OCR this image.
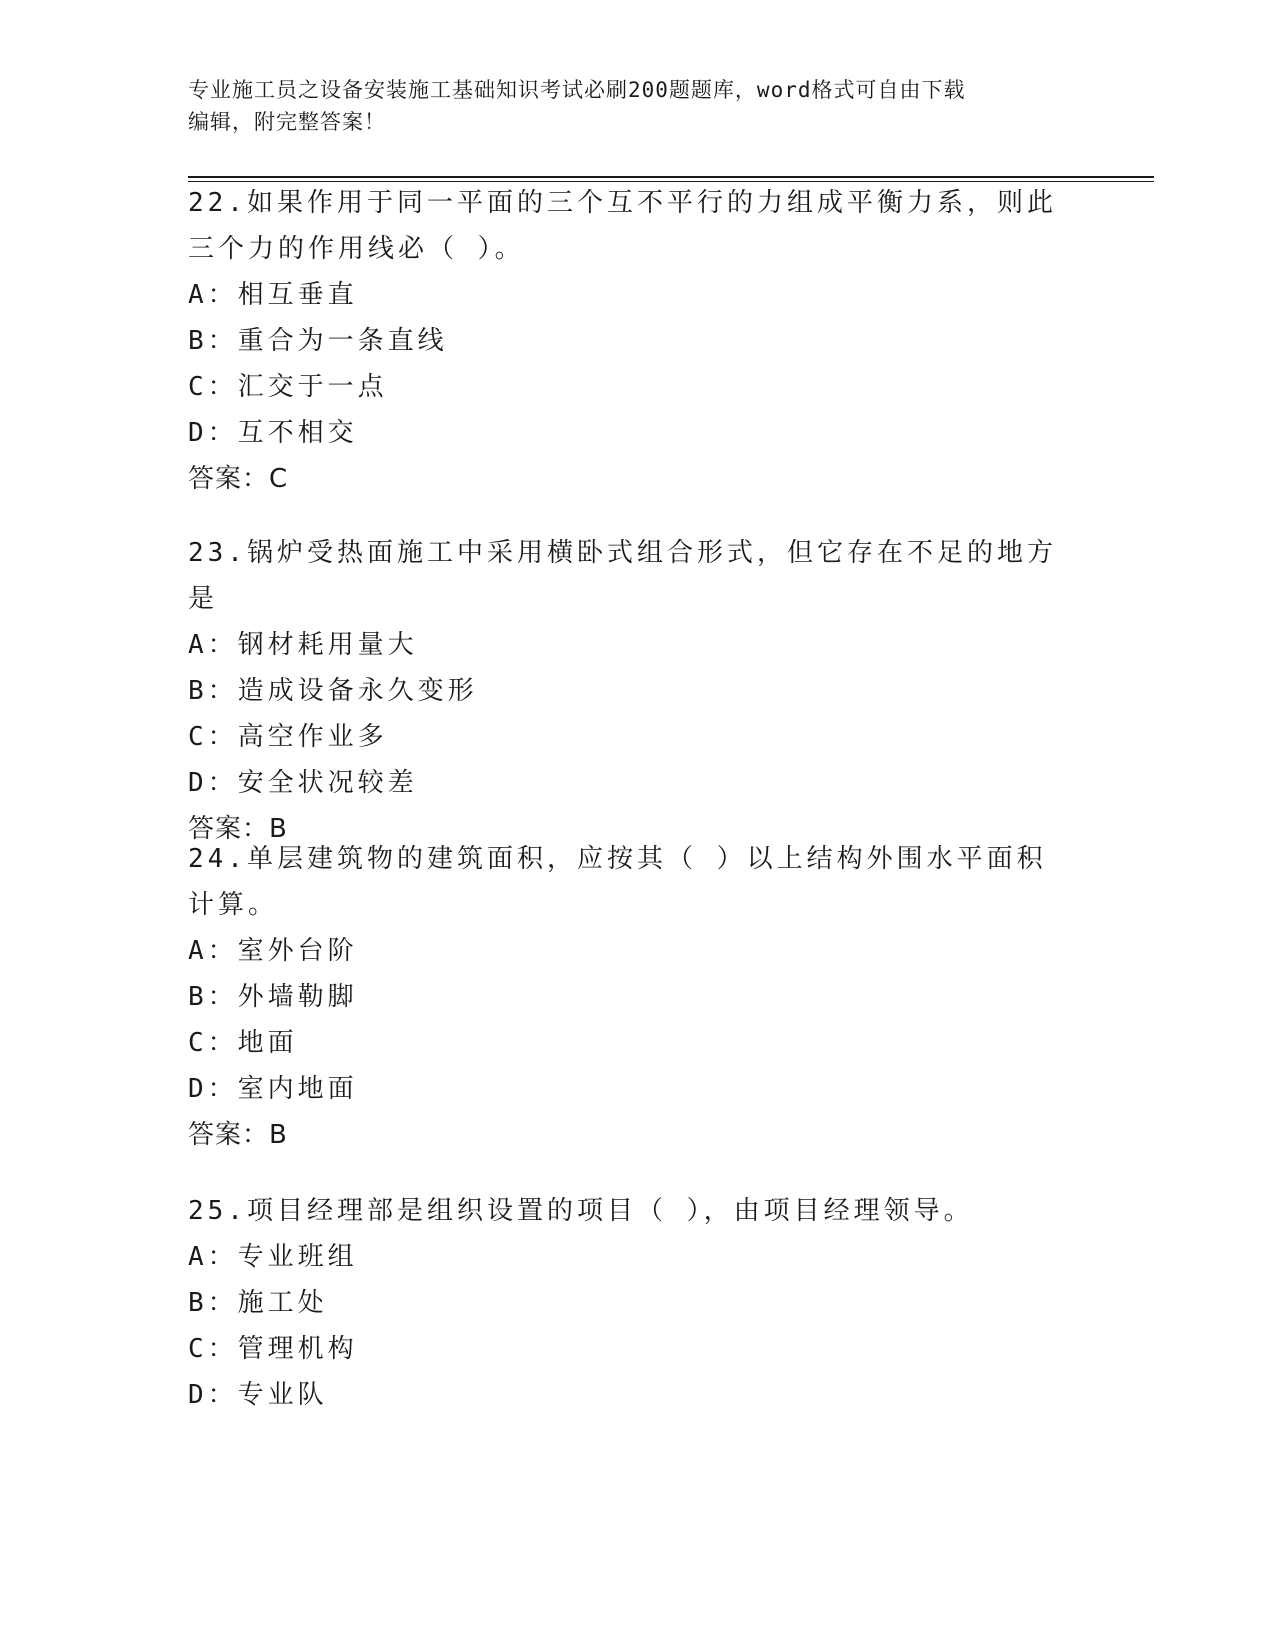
专业施工员之设备安装施工基础知识考试必刷200题题库，word格式可自由下载
编辑，附完整答案！
22.如果作用于同一平面的三个互不平行的力组成平衡力系，则此三个力的作用线必（ ）。
A：相互垂直
B：重合为一条直线
C：汇交于一点
D：互不相交
答案：C
23.锅炉受热面施工中采用横卧式组合形式，但它存在不足的地方是
A：钢材耗用量大
B：造成设备永久变形
C：高空作业多
D：安全状况较差
答案：B
24.单层建筑物的建筑面积，应按其（ ）以上结构外围水平面积计算。
A：室外台阶
B：外墙勒脚
C：地面
D：室内地面
答案：B
25.项目经理部是组织设置的项目（ ），由项目经理领导。
A：专业班组
B：施工处
C：管理机构
D：专业队
